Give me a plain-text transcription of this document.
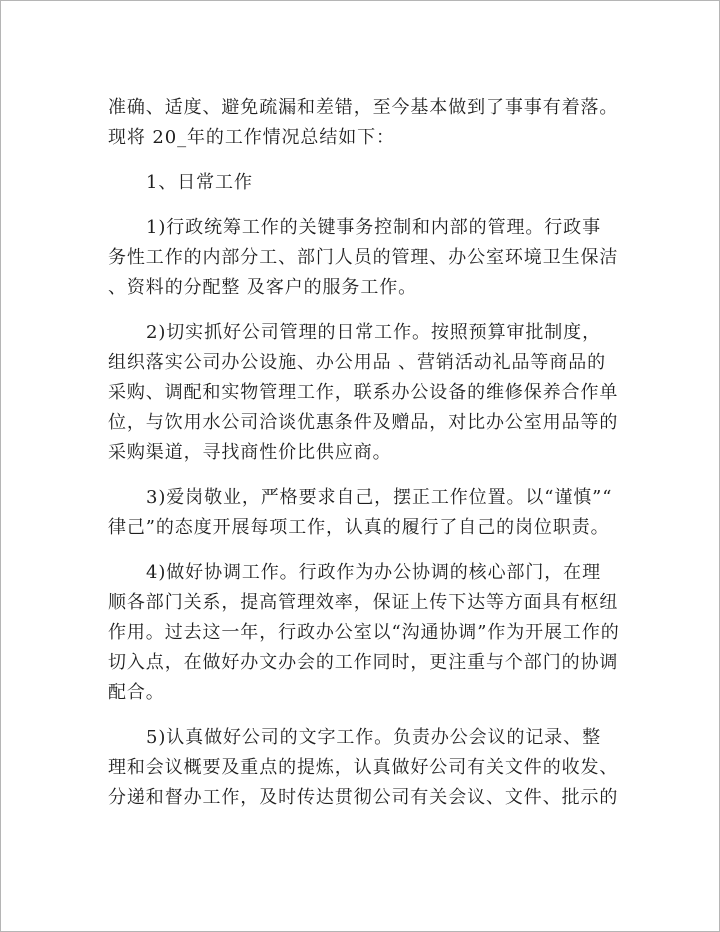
准确、适度、避免疏漏和差错，至今基本做到了事事有着落。
现将 20_年的工作情况总结如下：
1、日常工作
1)行政统筹工作的关键事务控制和内部的管理。行政事
务性工作的内部分工、部门人员的管理、办公室环境卫生保洁
、资料的分配整 及客户的服务工作。
2)切实抓好公司管理的日常工作。按照预算审批制度，
组织落实公司办公设施、办公用品 、营销活动礼品等商品的
采购、调配和实物管理工作，联系办公设备的维修保养合作单
位，与饮用水公司洽谈优惠条件及赠品，对比办公室用品等的
采购渠道，寻找商性价比供应商。
3)爱岗敬业，严格要求自己，摆正工作位置。以“谨慎”“
律己”的态度开展每项工作，认真的履行了自己的岗位职责。
4)做好协调工作。行政作为办公协调的核心部门，在理
顺各部门关系，提高管理效率，保证上传下达等方面具有枢纽
作用。过去这一年，行政办公室以“沟通协调”作为开展工作的
切入点，在做好办文办会的工作同时，更注重与个部门的协调
配合。
5)认真做好公司的文字工作。负责办公会议的记录、整
理和会议概要及重点的提炼，认真做好公司有关文件的收发、
分递和督办工作，及时传达贯彻公司有关会议、文件、批示的
